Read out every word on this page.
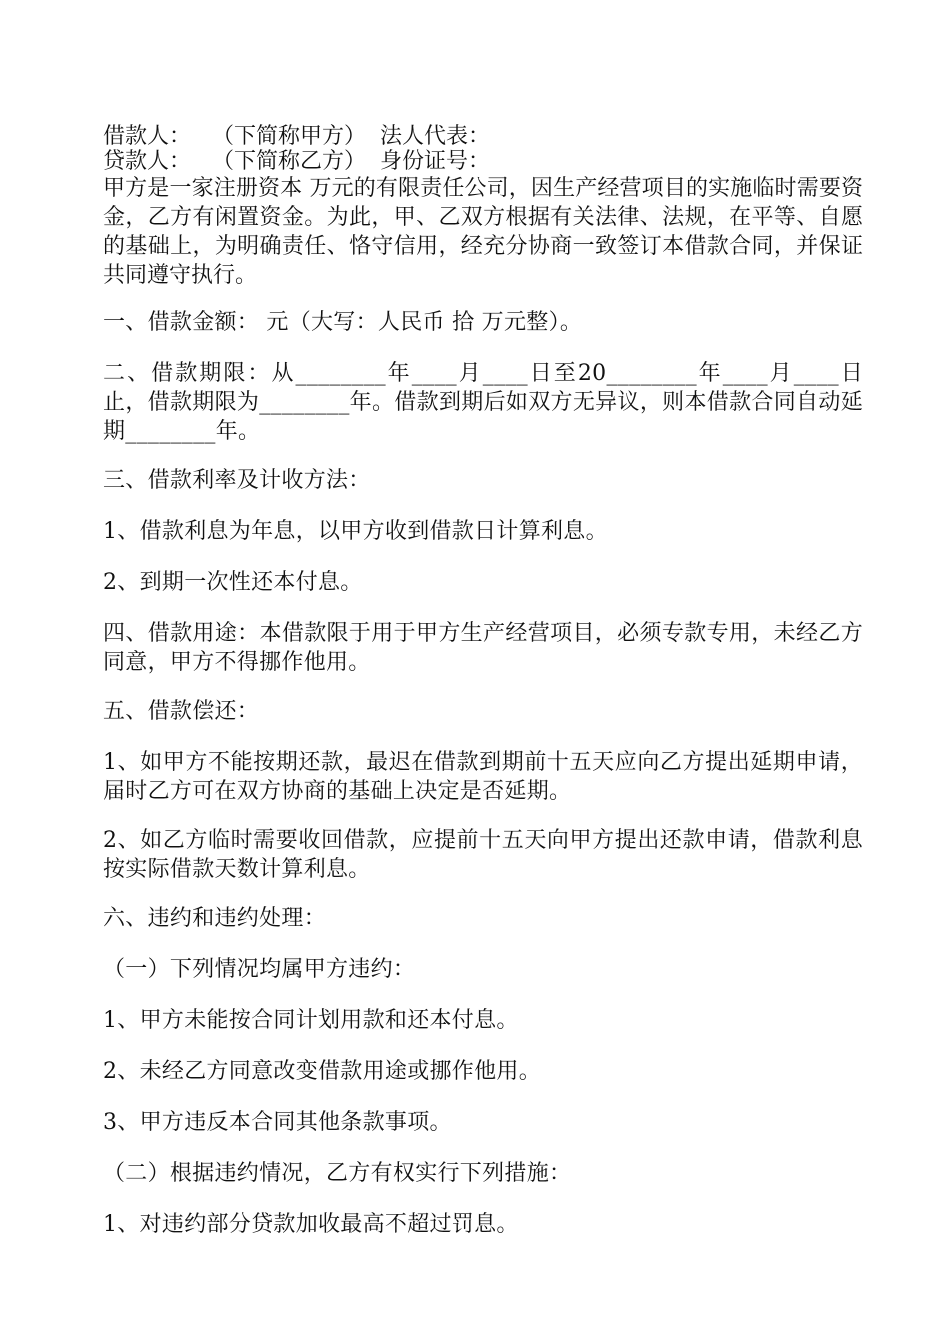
借款人：   （下简称甲方）  法人代表：

贷款人：   （下简称乙方）  身份证号：

甲方是一家注册资本 万元的有限责任公司，因生产经营项目的实施临时需要资金，乙方有闲置资金。为此，甲、乙双方根据有关法律、法规，在平等、自愿的基础上，为明确责任、恪守信用，经充分协商一致签订本借款合同，并保证共同遵守执行。

一、借款金额： 元（大写：人民币 拾 万元整）。

二、借款期限：从________年____月____日至20________年____月____日止，借款期限为________年。借款到期后如双方无异议，则本借款合同自动延期________年。

三、借款利率及计收方法：

1、借款利息为年息，以甲方收到借款日计算利息。

2、到期一次性还本付息。

四、借款用途：本借款限于用于甲方生产经营项目，必须专款专用，未经乙方同意，甲方不得挪作他用。

五、借款偿还：

1、如甲方不能按期还款，最迟在借款到期前十五天应向乙方提出延期申请，届时乙方可在双方协商的基础上决定是否延期。

2、如乙方临时需要收回借款，应提前十五天向甲方提出还款申请，借款利息按实际借款天数计算利息。

六、违约和违约处理：

（一）下列情况均属甲方违约：

1、甲方未能按合同计划用款和还本付息。

2、未经乙方同意改变借款用途或挪作他用。

3、甲方违反本合同其他条款事项。

（二）根据违约情况，乙方有权实行下列措施：

1、对违约部分贷款加收最高不超过罚息。
